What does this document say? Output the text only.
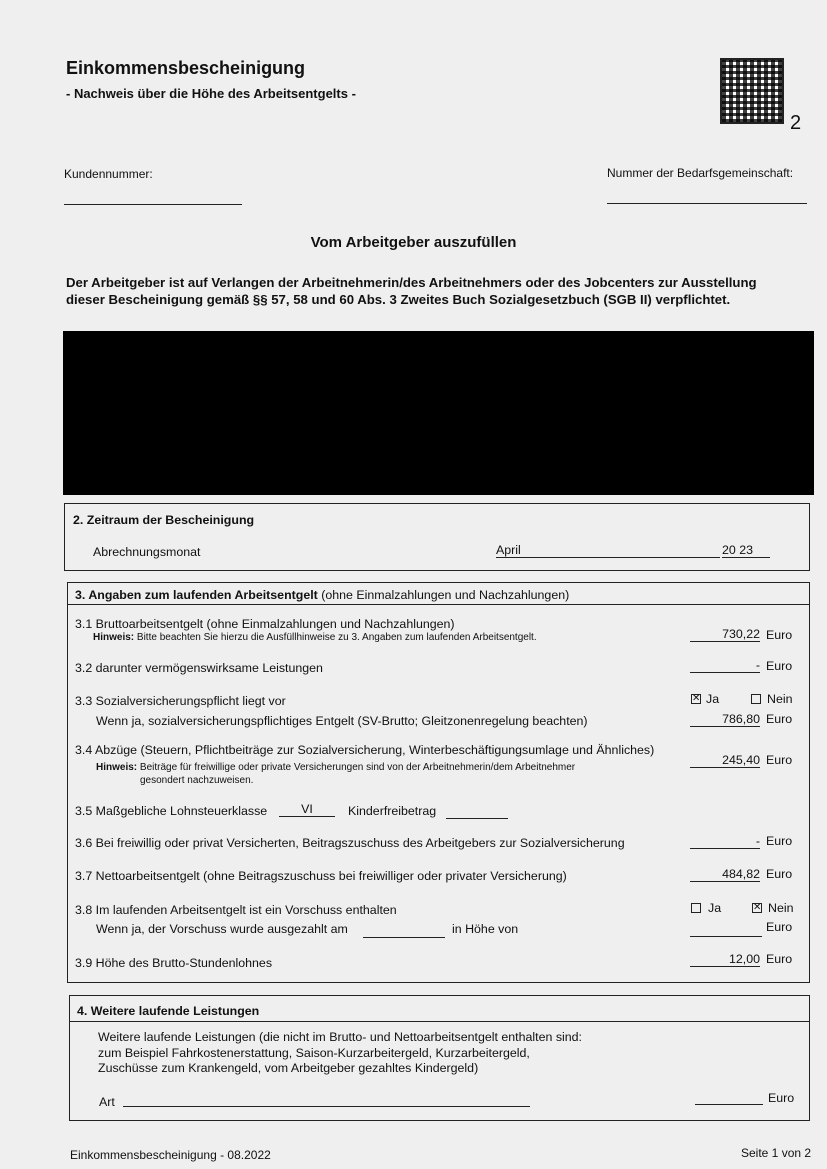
Einkommensbescheinigung
- Nachweis über die Höhe des Arbeitsentgelts -
2
Kundennummer:	Nummer der Bedarfsgemeinschaft:
Vom Arbeitgeber auszufüllen
Der Arbeitgeber ist auf Verlangen der Arbeitnehmerin/des Arbeitnehmers oder des Jobcenters zur Ausstellung dieser Bescheinigung gemäß §§ 57, 58 und 60 Abs. 3 Zweites Buch Sozialgesetzbuch (SGB II) verpflichtet.
2. Zeitraum der Bescheinigung
Abrechnungsmonat	April	20 23
3. Angaben zum laufenden Arbeitsentgelt (ohne Einmalzahlungen und Nachzahlungen)
3.1 Bruttoarbeitsentgelt (ohne Einmalzahlungen und Nachzahlungen)
Hinweis: Bitte beachten Sie hierzu die Ausfüllhinweise zu 3. Angaben zum laufenden Arbeitsentgelt.	730,22 Euro
3.2 darunter vermögenswirksame Leistungen	- Euro
3.3 Sozialversicherungspflicht liegt vor	✕ Ja	Nein
Wenn ja, sozialversicherungspflichtiges Entgelt (SV-Brutto; Gleitzonenregelung beachten)	786,80 Euro
3.4 Abzüge (Steuern, Pflichtbeiträge zur Sozialversicherung, Winterbeschäftigungsumlage und Ähnliches)
Hinweis: Beiträge für freiwillige oder private Versicherungen sind von der Arbeitnehmerin/dem Arbeitnehmer
gesondert nachzuweisen.
245,40 Euro
3.5 Maßgebliche Lohnsteuerklasse	VI	Kinderfreibetrag
3.6 Bei freiwillig oder privat Versicherten, Beitragszuschuss des Arbeitgebers zur Sozialversicherung	- Euro
3.7 Nettoarbeitsentgelt (ohne Beitragszuschuss bei freiwilliger oder privater Versicherung)	484,82 Euro
3.8 Im laufenden Arbeitsentgelt ist ein Vorschuss enthalten	Ja	✕ Nein
Wenn ja, der Vorschuss wurde ausgezahlt am	in Höhe von	Euro
3.9 Höhe des Brutto-Stundenlohnes	12,00 Euro
4. Weitere laufende Leistungen
Weitere laufende Leistungen (die nicht im Brutto- und Nettoarbeitsentgelt enthalten sind:
zum Beispiel Fahrkostenerstattung, Saison-Kurzarbeitergeld, Kurzarbeitergeld,
Zuschüsse zum Krankengeld, vom Arbeitgeber gezahltes Kindergeld)
Art	Euro
Einkommensbescheinigung - 08.2022	Seite 1 von 2
